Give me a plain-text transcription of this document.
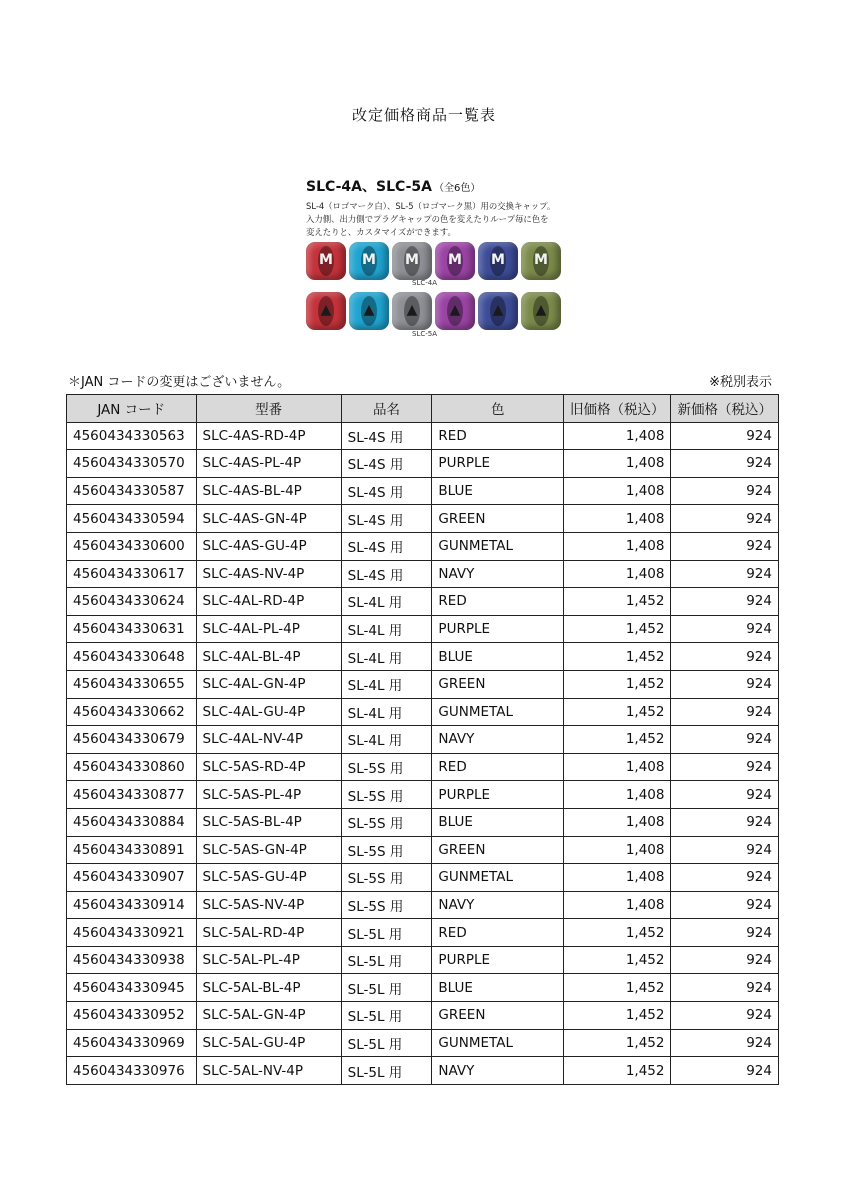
改定価格商品一覧表
SLC-4A、SLC-5A （全6色）
SL-4（ロゴマーク白）、SL-5（ロゴマーク黒）用の交換キャップ。入力側、出力側でプラグキャップの色を変えたりループ毎に色を変えたりと、カスタマイズができます。
M	M	M	M	M	M
SLC-4A
▲	▲	▲	▲	▲	▲
SLC-5A
＊JAN コードの変更はございません。	※税別表示
JAN コード	型番	品名	色	旧価格（税込）	新価格（税込）
4560434330563	SLC-4AS-RD-4P	SL-4S 用	RED	1,408	924
4560434330570	SLC-4AS-PL-4P	SL-4S 用	PURPLE	1,408	924
4560434330587	SLC-4AS-BL-4P	SL-4S 用	BLUE	1,408	924
4560434330594	SLC-4AS-GN-4P	SL-4S 用	GREEN	1,408	924
4560434330600	SLC-4AS-GU-4P	SL-4S 用	GUNMETAL	1,408	924
4560434330617	SLC-4AS-NV-4P	SL-4S 用	NAVY	1,408	924
4560434330624	SLC-4AL-RD-4P	SL-4L 用	RED	1,452	924
4560434330631	SLC-4AL-PL-4P	SL-4L 用	PURPLE	1,452	924
4560434330648	SLC-4AL-BL-4P	SL-4L 用	BLUE	1,452	924
4560434330655	SLC-4AL-GN-4P	SL-4L 用	GREEN	1,452	924
4560434330662	SLC-4AL-GU-4P	SL-4L 用	GUNMETAL	1,452	924
4560434330679	SLC-4AL-NV-4P	SL-4L 用	NAVY	1,452	924
4560434330860	SLC-5AS-RD-4P	SL-5S 用	RED	1,408	924
4560434330877	SLC-5AS-PL-4P	SL-5S 用	PURPLE	1,408	924
4560434330884	SLC-5AS-BL-4P	SL-5S 用	BLUE	1,408	924
4560434330891	SLC-5AS-GN-4P	SL-5S 用	GREEN	1,408	924
4560434330907	SLC-5AS-GU-4P	SL-5S 用	GUNMETAL	1,408	924
4560434330914	SLC-5AS-NV-4P	SL-5S 用	NAVY	1,408	924
4560434330921	SLC-5AL-RD-4P	SL-5L 用	RED	1,452	924
4560434330938	SLC-5AL-PL-4P	SL-5L 用	PURPLE	1,452	924
4560434330945	SLC-5AL-BL-4P	SL-5L 用	BLUE	1,452	924
4560434330952	SLC-5AL-GN-4P	SL-5L 用	GREEN	1,452	924
4560434330969	SLC-5AL-GU-4P	SL-5L 用	GUNMETAL	1,452	924
4560434330976	SLC-5AL-NV-4P	SL-5L 用	NAVY	1,452	924
